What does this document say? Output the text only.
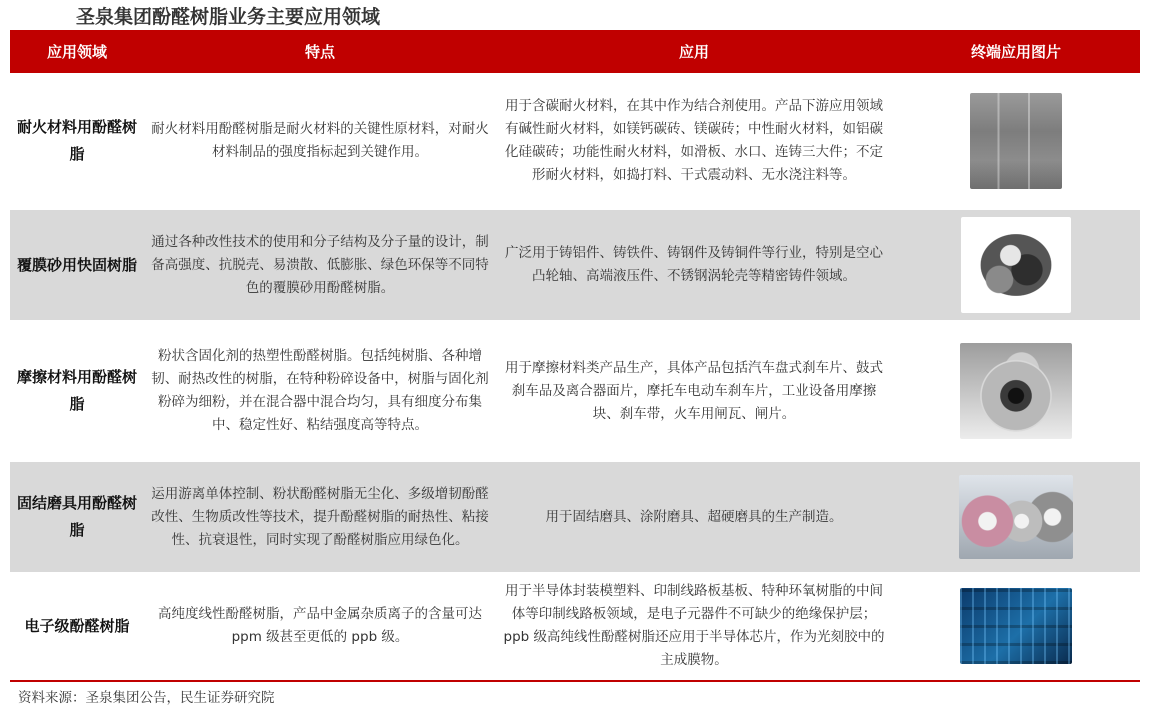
圣泉集团酚醛树脂业务主要应用领域
应用领域	特点	应用	终端应用图片
耐火材料用酚醛树脂	耐火材料用酚醛树脂是耐火材料的关键性原材料，对耐火材料制品的强度指标起到关键作用。	用于含碳耐火材料，在其中作为结合剂使用。产品下游应用领域有碱性耐火材料，如镁钙碳砖、镁碳砖；中性耐火材料，如铝碳化硅碳砖；功能性耐火材料，如滑板、水口、连铸三大件；不定形耐火材料，如捣打料、干式震动料、无水浇注料等。	
覆膜砂用快固树脂	通过各种改性技术的使用和分子结构及分子量的设计，制备高强度、抗脱壳、易溃散、低膨胀、绿色环保等不同特色的覆膜砂用酚醛树脂。	广泛用于铸铝件、铸铁件、铸钢件及铸铜件等行业，特别是空心凸轮轴、高端液压件、不锈钢涡轮壳等精密铸件领域。	
摩擦材料用酚醛树脂	粉状含固化剂的热塑性酚醛树脂。包括纯树脂、各种增韧、耐热改性的树脂，在特种粉碎设备中，树脂与固化剂粉碎为细粉，并在混合器中混合均匀，具有细度分布集中、稳定性好、粘结强度高等特点。	用于摩擦材料类产品生产，具体产品包括汽车盘式刹车片、鼓式刹车品及离合器面片，摩托车电动车刹车片，工业设备用摩擦块、刹车带，火车用闸瓦、闸片。	
固结磨具用酚醛树脂	运用游离单体控制、粉状酚醛树脂无尘化、多级增韧酚醛改性、生物质改性等技术，提升酚醛树脂的耐热性、粘接性、抗衰退性，同时实现了酚醛树脂应用绿色化。	用于固结磨具、涂附磨具、超硬磨具的生产制造。	
电子级酚醛树脂	高纯度线性酚醛树脂，产品中金属杂质离子的含量可达 ppm 级甚至更低的 ppb 级。	用于半导体封装模塑料、印制线路板基板、特种环氧树脂的中间体等印制线路板领域，是电子元器件不可缺少的绝缘保护层；ppb 级高纯线性酚醛树脂还应用于半导体芯片，作为光刻胶中的主成膜物。	
资料来源：圣泉集团公告，民生证券研究院
